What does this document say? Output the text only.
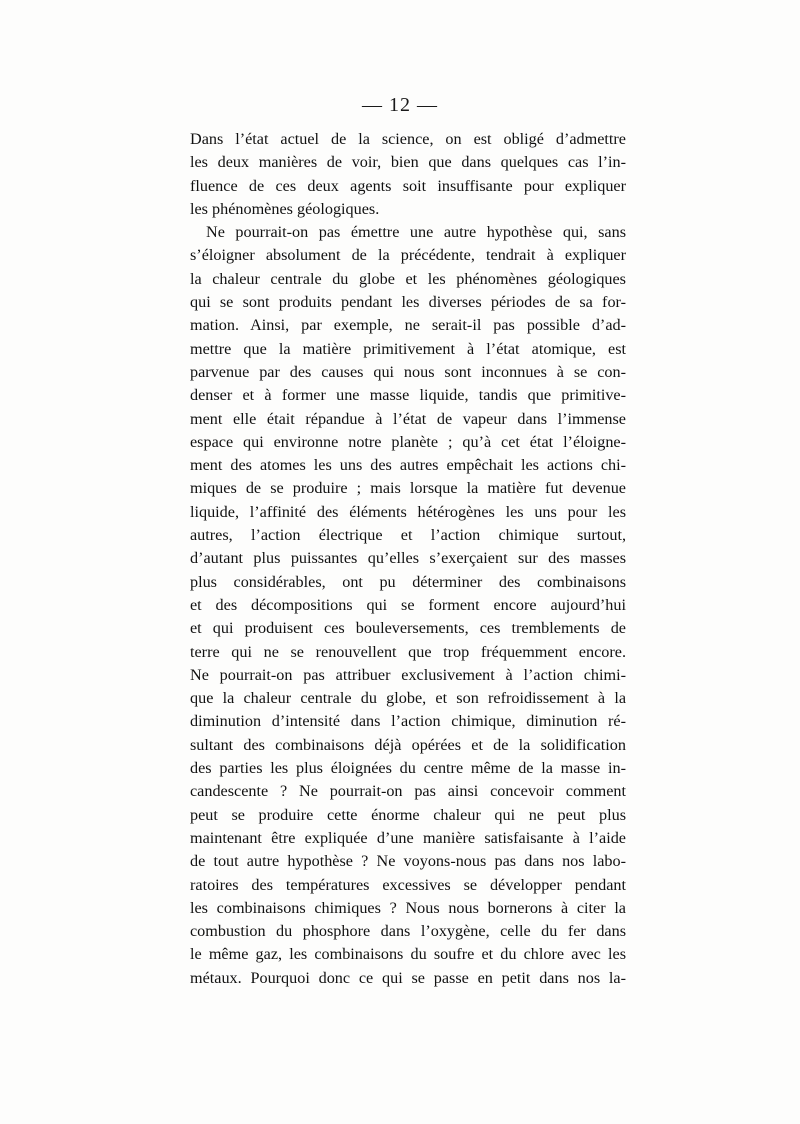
— 12 —
Dans l’état actuel de la science, on est obligé d’admettre
les deux manières de voir, bien que dans quelques cas l’in-
fluence de ces deux agents soit insuffisante pour expliquer
les phénomènes géologiques.
Ne pourrait-on pas émettre une autre hypothèse qui, sans
s’éloigner absolument de la précédente, tendrait à expliquer
la chaleur centrale du globe et les phénomènes géologiques
qui se sont produits pendant les diverses périodes de sa for-
mation. Ainsi, par exemple, ne serait-il pas possible d’ad-
mettre que la matière primitivement à l’état atomique, est
parvenue par des causes qui nous sont inconnues à se con-
denser et à former une masse liquide, tandis que primitive-
ment elle était répandue à l’état de vapeur dans l’immense
espace qui environne notre planète ; qu’à cet état l’éloigne-
ment des atomes les uns des autres empêchait les actions chi-
miques de se produire ; mais lorsque la matière fut devenue
liquide, l’affinité des éléments hétérogènes les uns pour les
autres, l’action électrique et l’action chimique surtout,
d’autant plus puissantes qu’elles s’exerçaient sur des masses
plus considérables, ont pu déterminer des combinaisons
et des décompositions qui se forment encore aujourd’hui
et qui produisent ces bouleversements, ces tremblements de
terre qui ne se renouvellent que trop fréquemment encore.
Ne pourrait-on pas attribuer exclusivement à l’action chimi-
que la chaleur centrale du globe, et son refroidissement à la
diminution d’intensité dans l’action chimique, diminution ré-
sultant des combinaisons déjà opérées et de la solidification
des parties les plus éloignées du centre même de la masse in-
candescente ? Ne pourrait-on pas ainsi concevoir comment
peut se produire cette énorme chaleur qui ne peut plus
maintenant être expliquée d’une manière satisfaisante à l’aide
de tout autre hypothèse ? Ne voyons-nous pas dans nos labo-
ratoires des températures excessives se développer pendant
les combinaisons chimiques ? Nous nous bornerons à citer la
combustion du phosphore dans l’oxygène, celle du fer dans
le même gaz, les combinaisons du soufre et du chlore avec les
métaux. Pourquoi donc ce qui se passe en petit dans nos la-
